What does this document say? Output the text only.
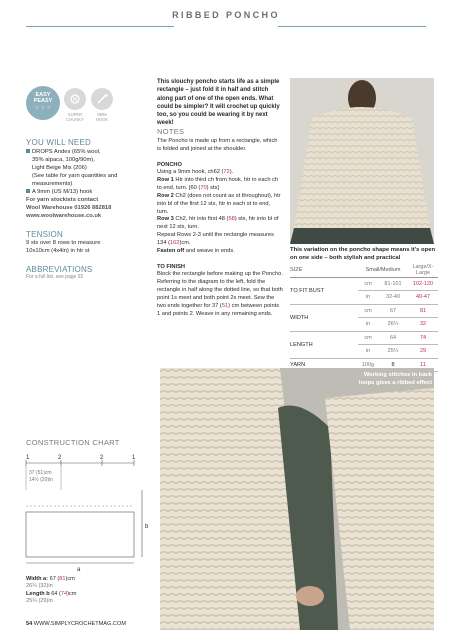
RIBBED PONCHO
EASY
PEASY
☆ ☆ ☆
SUPER
CHUNKY
9MM
HOOK
YOU WILL NEED
DROPS Andes (65% wool,
35% alpaca, 100g/90m),
Light Beige Mix (206)
(See table for yarn quantities and
measurements)
A 9mm (US M/13) hook
For yarn stockists contact
Wool Warehouse 01926 882818
www.woolwarehouse.co.uk
TENSION
9 sts over 8 rows to measure
10x10cm (4x4in) in htr st
ABBREVIATIONS
For a full list, see page 92
This slouchy poncho starts life as a simple rectangle – just fold it in half and stitch along part of one of the open ends. What could be simpler? It will crochet up quickly too, so you could be wearing it by next week!
NOTES

The Poncho is made up from a rectangle, which is folded and joined at the shoulder.

PONCHO

Using a 9mm hook, ch62 (72).

Row 1 Htr into third ch from hook, htr in each ch to end, turn. [60 (70) sts]

Row 2 Ch2 (does not count as st throughout), htr into bl of the first 12 sts, htr in each st to end, turn.

Row 3 Ch2, htr into first 48 (58) sts, htr into bl of next 12 sts, turn.

Repeat Rows 2-3 until the rectangle measures 134 (162)cm.

Fasten off and weave in ends.

TO FINISH

Block the rectangle before making up the Poncho.

Referring to the diagram to the left, fold the rectangle in half along the dotted line, so that both point 1s meet and both point 2s meet. Sew the two ends together for 37 (51) cm between points 1 and points 2. Weave in any remaining ends.

This variation on the poncho shape means it’s open on one side – both stylish and practical
SIZE	Small/Medium		Large/X-Large
TO FIT BUST	cm	81-101	102-120
	in	32-40	40-47
WIDTH	cm	67	81
	in	26¼	32
LENGTH	cm	64	74
	in	25¼	29
YARN	100g	8	11
Working stitches in back loops gives a ribbed effect
CONSTRUCTION CHART
1	2	2	1
37 (51)cm
14½ (20)in
b
a
Width a: 67 (81)cm
26¼ (32)in
Length b 64 (74)cm
25¼ (29)in
54 WWW.SIMPLYCROCHETMAG.COM
